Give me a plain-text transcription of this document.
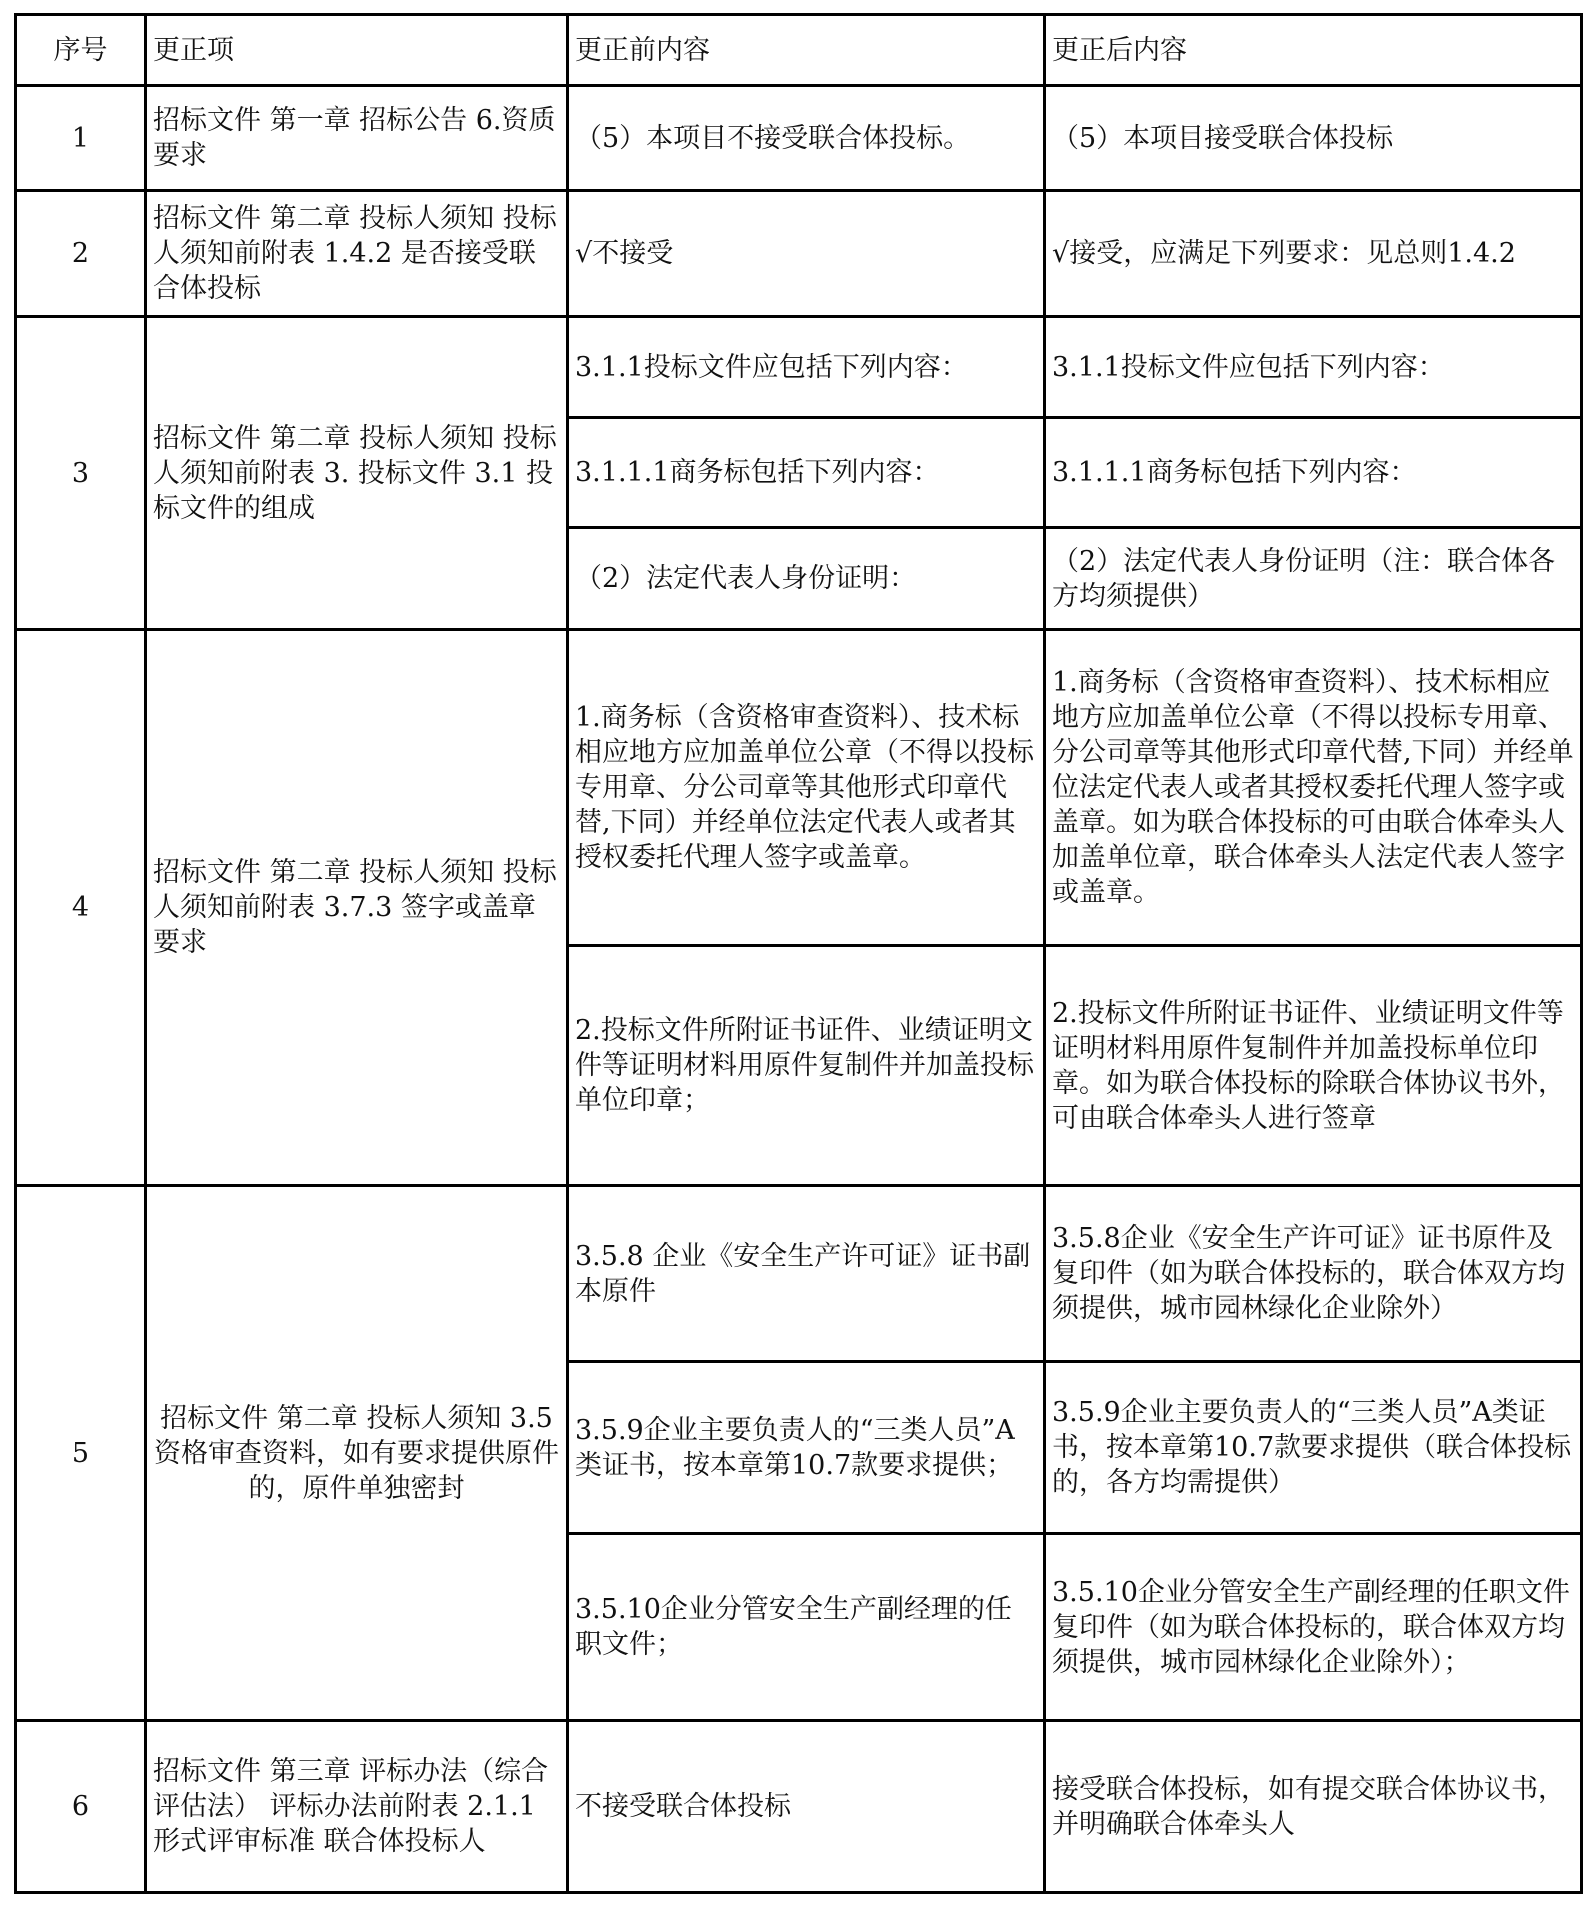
序号	更正项	更正前内容	更正后内容
1	招标文件 第一章 招标公告 6.资质要求	（5）本项目不接受联合体投标。	（5）本项目接受联合体投标
2	招标文件 第二章 投标人须知 投标人须知前附表 1.4.2 是否接受联合体投标	√不接受	√接受，应满足下列要求：见总则1.4.2
3	招标文件 第二章 投标人须知 投标人须知前附表 3. 投标文件 3.1 投标文件的组成	3.1.1投标文件应包括下列内容：	3.1.1投标文件应包括下列内容：
		3.1.1.1商务标包括下列内容：	3.1.1.1商务标包括下列内容：
		（2）法定代表人身份证明：	（2）法定代表人身份证明（注：联合体各方均须提供）
4	招标文件 第二章 投标人须知 投标人须知前附表 3.7.3 签字或盖章要求	1.商务标（含资格审查资料）、技术标相应地方应加盖单位公章（不得以投标专用章、分公司章等其他形式印章代替,下同）并经单位法定代表人或者其授权委托代理人签字或盖章。	1.商务标（含资格审查资料）、技术标相应地方应加盖单位公章（不得以投标专用章、分公司章等其他形式印章代替,下同）并经单位法定代表人或者其授权委托代理人签字或盖章。如为联合体投标的可由联合体牵头人加盖单位章，联合体牵头人法定代表人签字或盖章。
		2.投标文件所附证书证件、业绩证明文件等证明材料用原件复制件并加盖投标单位印章；	2.投标文件所附证书证件、业绩证明文件等证明材料用原件复制件并加盖投标单位印章。如为联合体投标的除联合体协议书外，可由联合体牵头人进行签章
5	招标文件 第二章 投标人须知 3.5 资格审查资料，如有要求提供原件的，原件单独密封	3.5.8 企业《安全生产许可证》证书副本原件	3.5.8企业《安全生产许可证》证书原件及复印件（如为联合体投标的，联合体双方均须提供，城市园林绿化企业除外）
		3.5.9企业主要负责人的“三类人员”A类证书，按本章第10.7款要求提供；	3.5.9企业主要负责人的“三类人员”A类证书，按本章第10.7款要求提供（联合体投标的，各方均需提供）
		3.5.10企业分管安全生产副经理的任职文件；	3.5.10企业分管安全生产副经理的任职文件复印件（如为联合体投标的，联合体双方均须提供，城市园林绿化企业除外）；
6	招标文件 第三章 评标办法（综合评估法） 评标办法前附表 2.1.1形式评审标准 联合体投标人	不接受联合体投标	接受联合体投标，如有提交联合体协议书，并明确联合体牵头人
